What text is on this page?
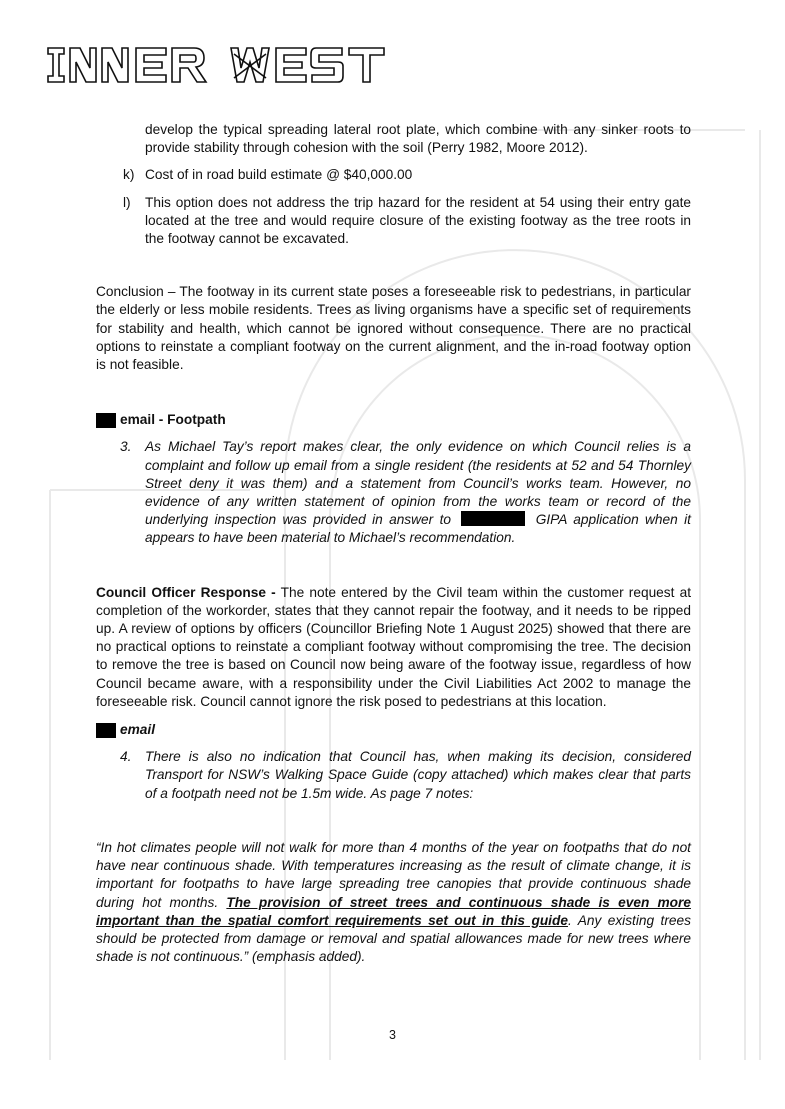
develop the typical spreading lateral root plate, which combine with any sinker roots to provide stability through cohesion with the soil (Perry 1982, Moore 2012).

k) Cost of in road build estimate @ $40,000.00

l) This option does not address the trip hazard for the resident at 54 using their entry gate located at the tree and would require closure of the existing footway as the tree roots in the footway cannot be excavated.

Conclusion – The footway in its current state poses a foreseeable risk to pedestrians, in particular the elderly or less mobile residents. Trees as living organisms have a specific set of requirements for stability and health, which cannot be ignored without consequence. There are no practical options to reinstate a compliant footway on the current alignment, and the in-road footway option is not feasible.

email - Footpath

3. As Michael Tay’s report makes clear, the only evidence on which Council relies is a complaint and follow up email from a single resident (the residents at 52 and 54 Thornley Street deny it was them) and a statement from Council’s works team. However, no evidence of any written statement of opinion from the works team or record of the underlying inspection was provided in answer to	GIPA application when it appears to have been material to Michael’s recommendation.

Council Officer Response - The note entered by the Civil team within the customer request at completion of the workorder, states that they cannot repair the footway, and it needs to be ripped up. A review of options by officers (Councillor Briefing Note 1 August 2025) showed that there are no practical options to reinstate a compliant footway without compromising the tree. The decision to remove the tree is based on Council now being aware of the footway issue, regardless of how Council became aware, with a responsibility under the Civil Liabilities Act 2002 to manage the foreseeable risk. Council cannot ignore the risk posed to pedestrians at this location.

email

4. There is also no indication that Council has, when making its decision, considered Transport for NSW’s Walking Space Guide (copy attached) which makes clear that parts of a footpath need not be 1.5m wide. As page 7 notes:

“In hot climates people will not walk for more than 4 months of the year on footpaths that do not have near continuous shade. With temperatures increasing as the result of climate change, it is important for footpaths to have large spreading tree canopies that provide continuous shade during hot months. The provision of street trees and continuous shade is even more important than the spatial comfort requirements set out in this guide. Any existing trees should be protected from damage or removal and spatial allowances made for new trees where shade is not continuous.” (emphasis added).

3
